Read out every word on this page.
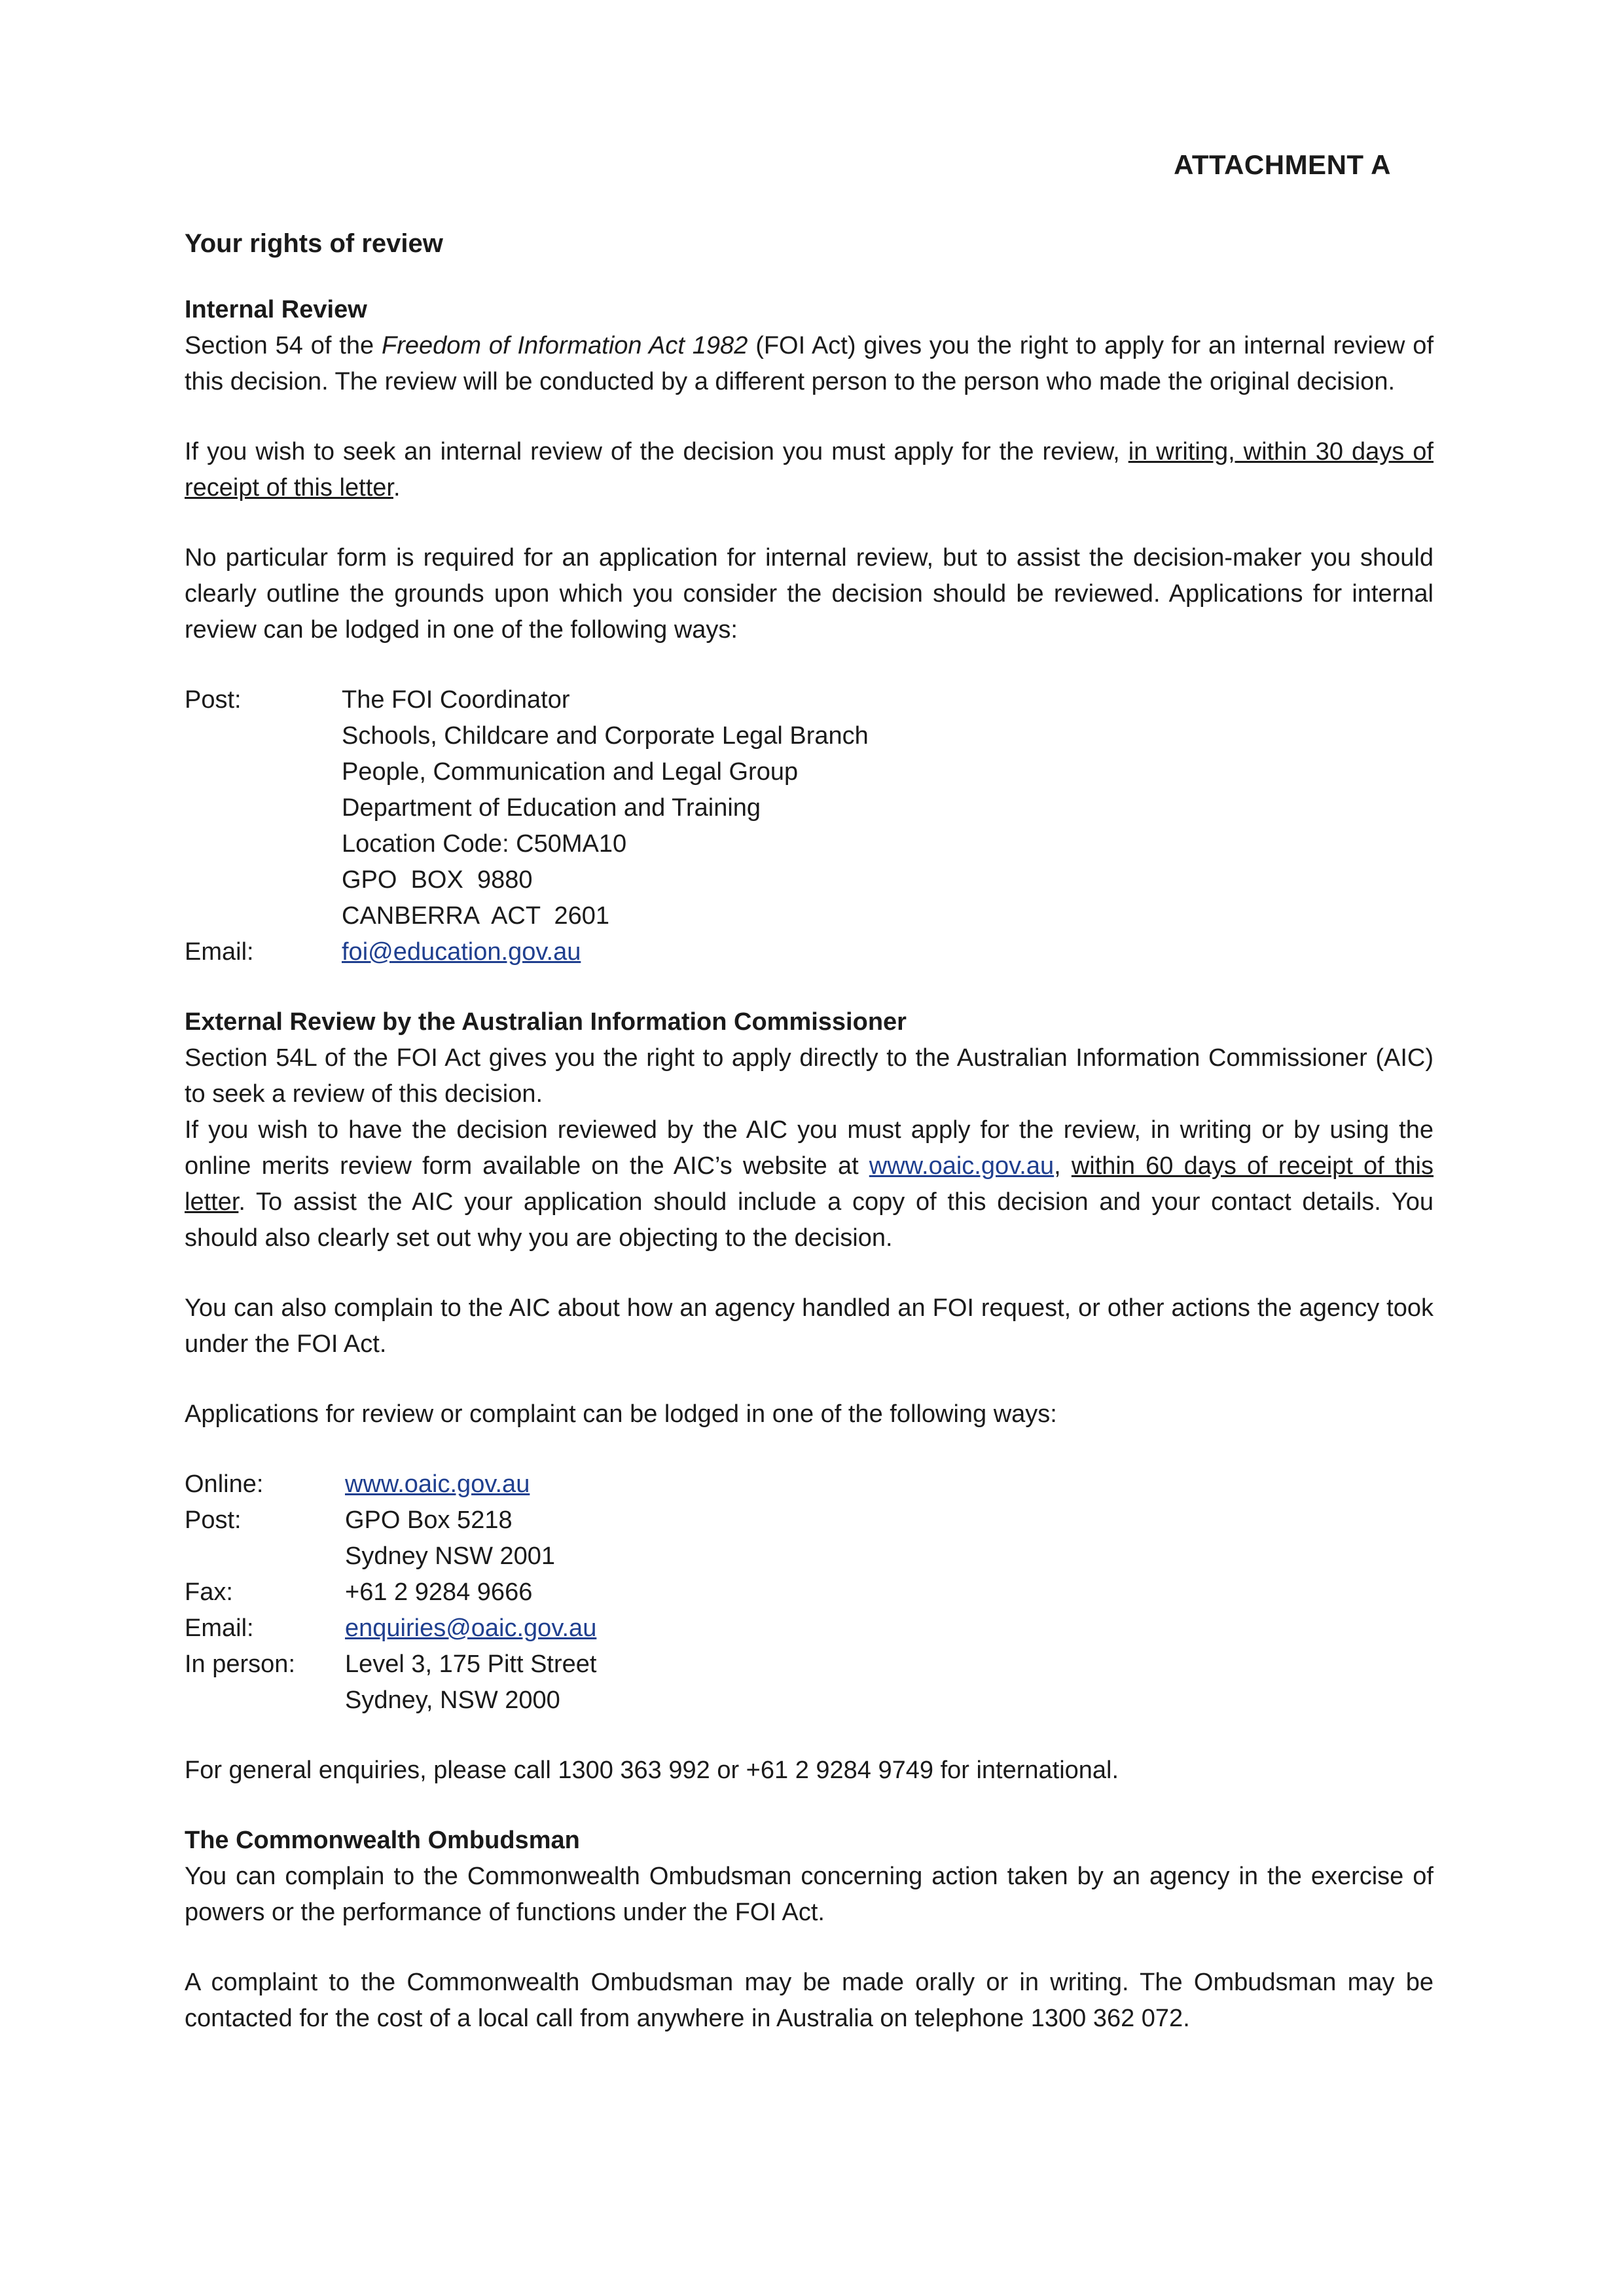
ATTACHMENT A
Your rights of review

Internal Review

Section 54 of the Freedom of Information Act 1982 (FOI Act) gives you the right to apply for an internal review of this decision. The review will be conducted by a different person to the person who made the original decision.

If you wish to seek an internal review of the decision you must apply for the review, in writing, within 30 days of receipt of this letter.

No particular form is required for an application for internal review, but to assist the decision-maker you should clearly outline the grounds upon which you consider the decision should be reviewed. Applications for internal review can be lodged in one of the following ways:

Post:	The FOI Coordinator
Schools, Childcare and Corporate Legal Branch
People, Communication and Legal Group
Department of Education and Training
Location Code: C50MA10
GPO  BOX  9880
CANBERRA  ACT  2601
Email:	foi@education.gov.au

External Review by the Australian Information Commissioner

Section 54L of the FOI Act gives you the right to apply directly to the Australian Information Commissioner (AIC) to seek a review of this decision.

If you wish to have the decision reviewed by the AIC you must apply for the review, in writing or by using the online merits review form available on the AIC’s website at www.oaic.gov.au, within 60 days of receipt of this letter. To assist the AIC your application should include a copy of this decision and your contact details. You should also clearly set out why you are objecting to the decision.

You can also complain to the AIC about how an agency handled an FOI request, or other actions the agency took under the FOI Act.

Applications for review or complaint can be lodged in one of the following ways:

Online:	www.oaic.gov.au
Post:	GPO Box 5218
Sydney NSW 2001
Fax:	+61 2 9284 9666
Email:	enquiries@oaic.gov.au
In person:	Level 3, 175 Pitt Street
Sydney, NSW 2000

For general enquiries, please call 1300 363 992 or +61 2 9284 9749 for international.

The Commonwealth Ombudsman

You can complain to the Commonwealth Ombudsman concerning action taken by an agency in the exercise of powers or the performance of functions under the FOI Act.

A complaint to the Commonwealth Ombudsman may be made orally or in writing. The Ombudsman may be contacted for the cost of a local call from anywhere in Australia on telephone 1300 362 072.
